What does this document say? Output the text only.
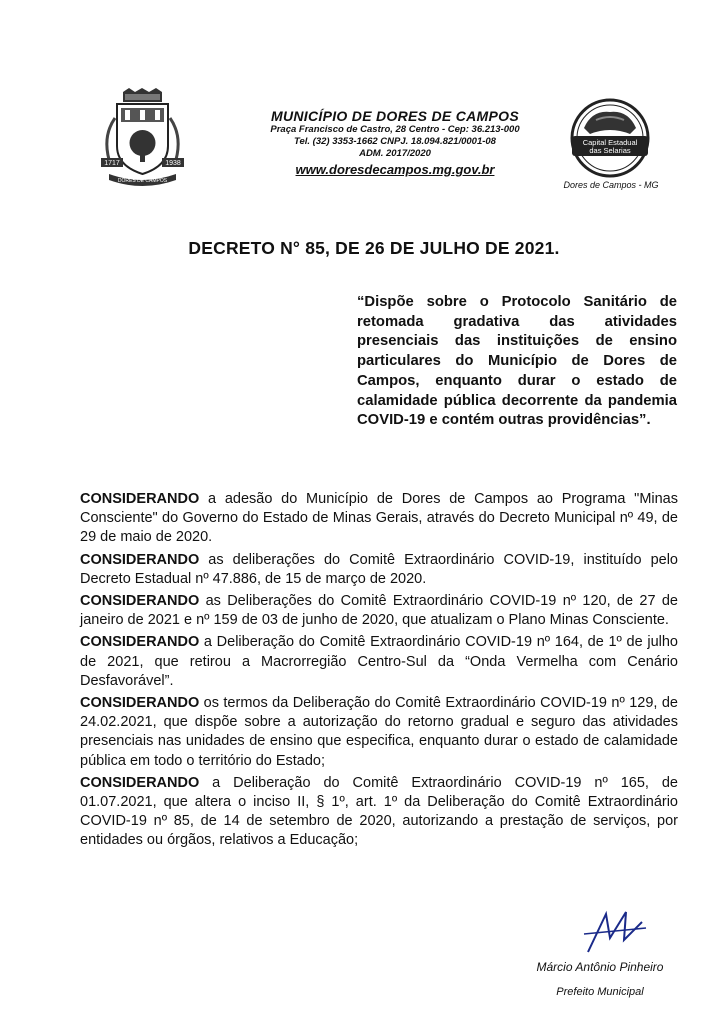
1717	1938
DORES DE CAMPOS
MUNICÍPIO DE DORES DE CAMPOS
Praça Francisco de Castro, 28 Centro - Cep: 36.213-000
Tel. (32) 3353-1662 CNPJ. 18.094.821/0001-08
ADM. 2017/2020
www.doresdecampos.mg.gov.br
Capital Estadual
das Selarias
Dores de Campos - MG
DECRETO N° 85, DE 26 DE JULHO DE 2021.
“Dispõe sobre o Protocolo Sanitário de retomada gradativa das atividades presenciais das instituições de ensino particulares do Município de Dores de Campos, enquanto durar o estado de calamidade pública decorrente da pandemia COVID-19 e contém outras providências”.

CONSIDERANDO a adesão do Município de Dores de Campos ao Programa "Minas Consciente" do Governo do Estado de Minas Gerais, através do Decreto Municipal nº 49, de 29 de maio de 2020.

CONSIDERANDO as deliberações do Comitê Extraordinário COVID-19, instituído pelo Decreto Estadual nº 47.886, de 15 de março de 2020.

CONSIDERANDO as Deliberações do Comitê Extraordinário COVID-19 nº 120, de 27 de janeiro de 2021 e nº 159 de 03 de junho de 2020, que atualizam o Plano Minas Consciente.

CONSIDERANDO a Deliberação do Comitê Extraordinário COVID-19 nº 164, de 1º de julho de 2021, que retirou a Macrorregião Centro-Sul da “Onda Vermelha com Cenário Desfavorável”.

CONSIDERANDO os termos da Deliberação do Comitê Extraordinário COVID-19 nº 129, de 24.02.2021, que dispõe sobre a autorização do retorno gradual e seguro das atividades presenciais nas unidades de ensino que especifica, enquanto durar o estado de calamidade pública em todo o território do Estado;

CONSIDERANDO a Deliberação do Comitê Extraordinário COVID-19 nº 165, de 01.07.2021, que altera o inciso II, § 1º, art. 1º da Deliberação do Comitê Extraordinário COVID-19 nº 85, de 14 de setembro de 2020, autorizando a prestação de serviços, por entidades ou órgãos, relativos a Educação;

Márcio Antônio Pinheiro
Prefeito Municipal
